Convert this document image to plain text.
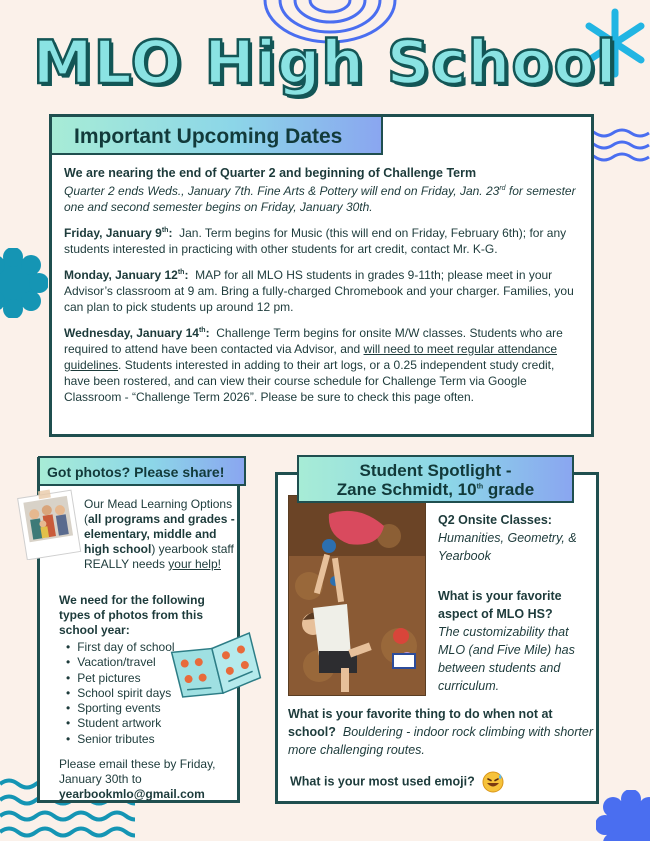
MLO High School

We are nearing the end of Quarter 2 and beginning of Challenge Term

Quarter 2 ends Weds., January 7th. Fine Arts & Pottery will end on Friday, Jan. 23rd for semester one and second semester begins on Friday, January 30th.

Friday, January 9th: Jan. Term begins for Music (this will end on Friday, February 6th); for any students interested in practicing with other students for art credit, contact Mr. K-G.

Monday, January 12th: MAP for all MLO HS students in grades 9-11th; please meet in your Advisor’s classroom at 9 am. Bring a fully-charged Chromebook and your charger. Families, you can plan to pick students up around 12 pm.

Wednesday, January 14th: Challenge Term begins for onsite M/W classes. Students who are required to attend have been contacted via Advisor, and will need to meet regular attendance guidelines. Students interested in adding to their art logs, or a 0.25 independent study credit, have been rostered, and can view their course schedule for Challenge Term via Google Classroom - “Challenge Term 2026”. Please be sure to check this page often.

Important Upcoming Dates
Our Mead Learning Options (all programs and grades - elementary, middle and high school) yearbook staff REALLY needs your help!
We need for the following types of photos from this school year:
• First day of school
• Vacation/travel
• Pet pictures
• School spirit days
• Sporting events
• Student artwork
• Senior tributes
Please email these by Friday, January 30th to
yearbookmlo@gmail.com
Got photos? Please share!
Q2 Onsite Classes:
Humanities, Geometry, & Yearbook
What is your favorite aspect of MLO HS?
The customizability that MLO (and Five Mile) has between students and curriculum.
What is your favorite thing to do when not at school? Bouldering - indoor rock climbing with shorter more challenging routes.
What is your most used emoji?
Student Spotlight -
Zane Schmidt, 10th grade
